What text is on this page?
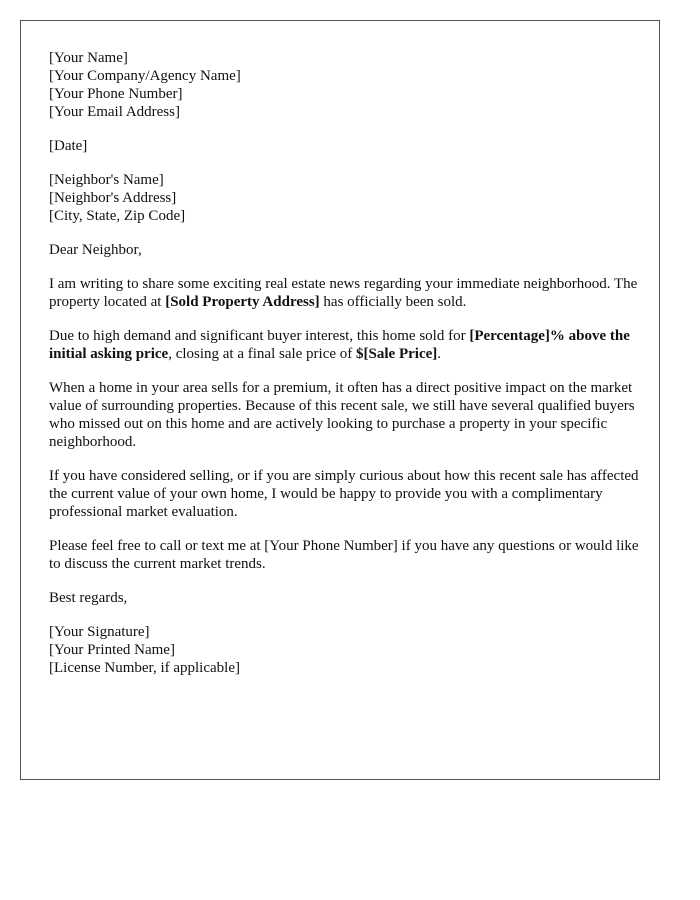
[Your Name]
[Your Company/Agency Name]
[Your Phone Number]
[Your Email Address]
[Date]
[Neighbor's Name]
[Neighbor's Address]
[City, State, Zip Code]

Dear Neighbor,

I am writing to share some exciting real estate news regarding your immediate neighborhood. The property located at [Sold Property Address] has officially been sold.

Due to high demand and significant buyer interest, this home sold for [Percentage]% above the initial asking price, closing at a final sale price of $[Sale Price].

When a home in your area sells for a premium, it often has a direct positive impact on the market value of surrounding properties. Because of this recent sale, we still have several qualified buyers who missed out on this home and are actively looking to purchase a property in your specific neighborhood.

If you have considered selling, or if you are simply curious about how this recent sale has affected the current value of your own home, I would be happy to provide you with a complimentary professional market evaluation.

Please feel free to call or text me at [Your Phone Number] if you have any questions or would like to discuss the current market trends.

Best regards,

[Your Signature]
[Your Printed Name]
[License Number, if applicable]
